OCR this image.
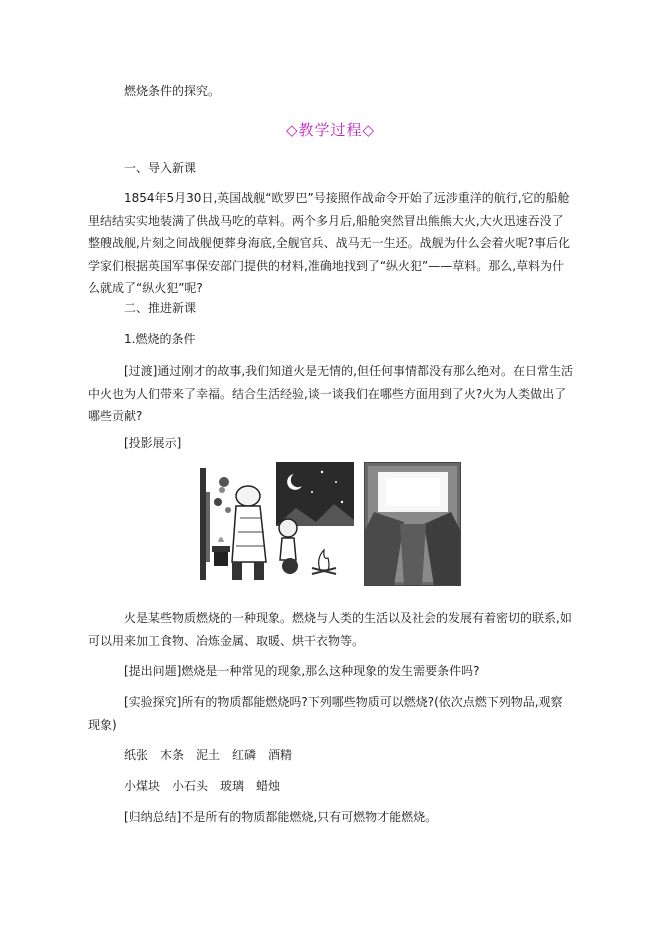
燃烧条件的探究。

◇教学过程◇

一、导入新课

1854年5月30日,英国战舰“欧罗巴”号接照作战命令开始了远涉重洋的航行,它的船舱里结结实实地装满了供战马吃的草料。两个多月后,船舱突然冒出熊熊大火,大火迅速吞没了整艘战舰,片刻之间战舰便葬身海底,全舰官兵、战马无一生还。战舰为什么会着火呢?事后化学家们根据英国军事保安部门提供的材料,准确地找到了“纵火犯”——草料。那么,草料为什么就成了“纵火犯”呢?

二、推进新课

1.燃烧的条件

[过渡]通过刚才的故事,我们知道火是无情的,但任何事情都没有那么绝对。在日常生活中火也为人们带来了幸福。结合生活经验,谈一谈我们在哪些方面用到了火?火为人类做出了哪些贡献?

[投影展示]

火是某些物质燃烧的一种现象。燃烧与人类的生活以及社会的发展有着密切的联系,如可以用来加工食物、冶炼金属、取暖、烘干衣物等。

[提出问题]燃烧是一种常见的现象,那么这种现象的发生需要条件吗?

[实验探究]所有的物质都能燃烧吗?下列哪些物质可以燃烧?(依次点燃下列物品,观察现象)

纸张　木条　泥土　红磷　酒精

小煤块　小石头　玻璃　蜡烛

[归纳总结]不是所有的物质都能燃烧,只有可燃物才能燃烧。
